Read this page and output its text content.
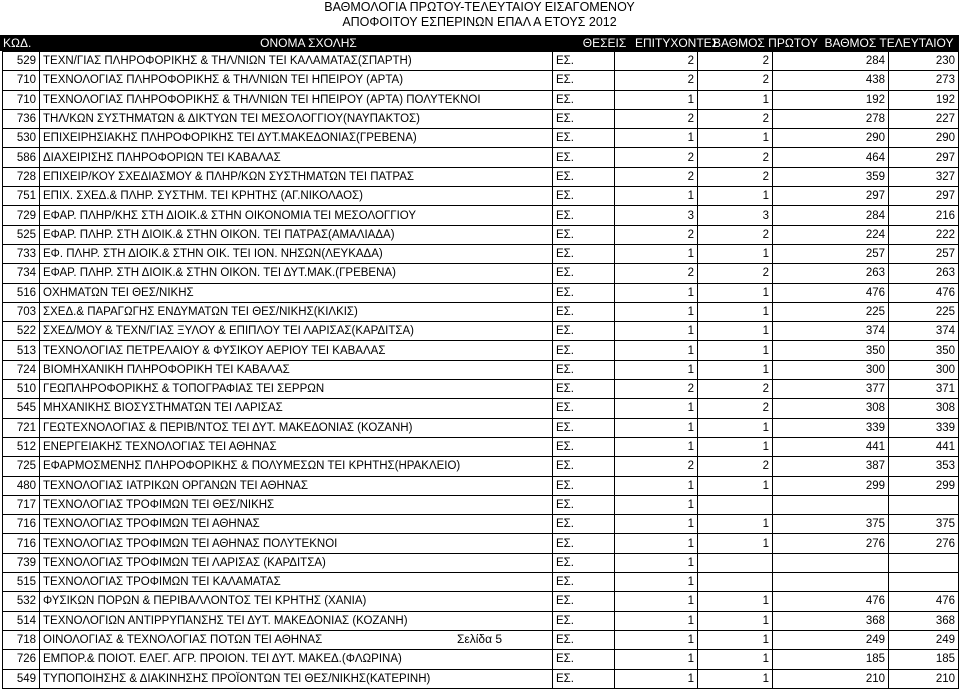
ΒΑΘΜΟΛΟΓΙΑ ΠΡΩΤΟΥ-ΤΕΛΕΥΤΑΙΟΥ ΕΙΣΑΓΟΜΕΝΟΥ
ΑΠΟΦΟΙΤΟΥ ΕΣΠΕΡΙΝΩΝ ΕΠΑΛ Α ΕΤΟΥΣ 2012
ΚΩΔ.	ΟΝΟΜΑ ΣΧΟΛΗΣ	ΘΕΣΕΙΣ	ΕΠΙΤΥΧΟΝΤΕΣ	ΒΑΘΜΟΣ ΠΡΩΤΟΥ	ΒΑΘΜΟΣ ΤΕΛΕΥΤΑΙΟΥ
529	ΤΕΧΝ/ΓΙΑΣ ΠΛΗΡΟΦΟΡΙΚΗΣ & ΤΗΛ/ΝΙΩΝ ΤΕΙ ΚΑΛΑΜΑΤΑΣ(ΣΠΑΡΤΗ)	ΕΣ.	2	2	284	230
710	ΤΕΧΝΟΛΟΓΙΑΣ ΠΛΗΡΟΦΟΡΙΚΗΣ & ΤΗΛ/ΝΙΩΝ ΤΕΙ ΗΠΕΙΡΟΥ (ΑΡΤΑ)	ΕΣ.	2	2	438	273
710	ΤΕΧΝΟΛΟΓΙΑΣ ΠΛΗΡΟΦΟΡΙΚΗΣ & ΤΗΛ/ΝΙΩΝ ΤΕΙ ΗΠΕΙΡΟΥ (ΑΡΤΑ) ΠΟΛΥΤΕΚΝΟΙ	ΕΣ.	1	1	192	192
736	ΤΗΛ/ΚΩΝ ΣΥΣΤΗΜΑΤΩΝ & ΔΙΚΤΥΩΝ ΤΕΙ ΜΕΣΟΛΟΓΓΙΟΥ(ΝΑΥΠΑΚΤΟΣ)	ΕΣ.	2	2	278	227
530	ΕΠΙΧΕΙΡΗΣΙΑΚΗΣ ΠΛΗΡΟΦΟΡΙΚΗΣ ΤΕΙ ΔΥΤ.ΜΑΚΕΔΟΝΙΑΣ(ΓΡΕΒΕΝΑ)	ΕΣ.	1	1	290	290
586	ΔΙΑΧΕΙΡΙΣΗΣ ΠΛΗΡΟΦΟΡΙΩΝ ΤΕΙ ΚΑΒΑΛΑΣ	ΕΣ.	2	2	464	297
728	ΕΠΙΧΕΙΡ/ΚΟΥ ΣΧΕΔΙΑΣΜΟΥ & ΠΛΗΡ/ΚΩΝ ΣΥΣΤΗΜΑΤΩΝ ΤΕΙ ΠΑΤΡΑΣ	ΕΣ.	2	2	359	327
751	ΕΠΙΧ. ΣΧΕΔ.& ΠΛΗΡ. ΣΥΣΤΗΜ. ΤΕΙ ΚΡΗΤΗΣ (ΑΓ.ΝΙΚΟΛΑΟΣ)	ΕΣ.	1	1	297	297
729	ΕΦΑΡ. ΠΛΗΡ/ΚΗΣ ΣΤΗ ΔΙΟΙΚ.& ΣΤΗΝ ΟΙΚΟΝΟΜΙΑ ΤΕΙ ΜΕΣΟΛΟΓΓΙΟΥ	ΕΣ.	3	3	284	216
525	ΕΦΑΡ. ΠΛΗΡ. ΣΤΗ ΔΙΟΙΚ.& ΣΤΗΝ ΟΙΚΟΝ. ΤΕΙ ΠΑΤΡΑΣ(ΑΜΑΛΙΑΔΑ)	ΕΣ.	2	2	224	222
733	ΕΦ. ΠΛΗΡ. ΣΤΗ ΔΙΟΙΚ.& ΣΤΗΝ ΟΙΚ. ΤΕΙ ΙΟΝ. ΝΗΣΩΝ(ΛΕΥΚΑΔΑ)	ΕΣ.	1	1	257	257
734	ΕΦΑΡ. ΠΛΗΡ. ΣΤΗ ΔΙΟΙΚ.& ΣΤΗΝ ΟΙΚΟΝ. ΤΕΙ ΔΥΤ.ΜΑΚ.(ΓΡΕΒΕΝΑ)	ΕΣ.	2	2	263	263
516	ΟΧΗΜΑΤΩΝ ΤΕΙ ΘΕΣ/ΝΙΚΗΣ	ΕΣ.	1	1	476	476
703	ΣΧΕΔ.& ΠΑΡΑΓΩΓΗΣ ΕΝΔΥΜΑΤΩΝ ΤΕΙ ΘΕΣ/ΝΙΚΗΣ(ΚΙΛΚΙΣ)	ΕΣ.	1	1	225	225
522	ΣΧΕΔ/ΜΟΥ & ΤΕΧΝ/ΓΙΑΣ ΞΥΛΟΥ & ΕΠΙΠΛΟΥ ΤΕΙ ΛΑΡΙΣΑΣ(ΚΑΡΔΙΤΣΑ)	ΕΣ.	1	1	374	374
513	ΤΕΧΝΟΛΟΓΙΑΣ ΠΕΤΡΕΛΑΙΟΥ & ΦΥΣΙΚΟΥ ΑΕΡΙΟΥ ΤΕΙ ΚΑΒΑΛΑΣ	ΕΣ.	1	1	350	350
724	ΒΙΟΜΗΧΑΝΙΚΗ ΠΛΗΡΟΦΟΡΙΚΗ ΤΕΙ ΚΑΒΑΛΑΣ	ΕΣ.	1	1	300	300
510	ΓΕΩΠΛΗΡΟΦΟΡΙΚΗΣ & ΤΟΠΟΓΡΑΦΙΑΣ ΤΕΙ ΣΕΡΡΩΝ	ΕΣ.	2	2	377	371
545	ΜΗΧΑΝΙΚΗΣ ΒΙΟΣΥΣΤΗΜΑΤΩΝ ΤΕΙ ΛΑΡΙΣΑΣ	ΕΣ.	1	2	308	308
721	ΓΕΩΤΕΧΝΟΛΟΓΙΑΣ & ΠΕΡΙΒ/ΝΤΟΣ ΤΕΙ ΔΥΤ. ΜΑΚΕΔΟΝΙΑΣ (ΚΟΖΑΝΗ)	ΕΣ.	1	1	339	339
512	ΕΝΕΡΓΕΙΑΚΗΣ ΤΕΧΝΟΛΟΓΙΑΣ ΤΕΙ ΑΘΗΝΑΣ	ΕΣ.	1	1	441	441
725	ΕΦΑΡΜΟΣΜΕΝΗΣ ΠΛΗΡΟΦΟΡΙΚΗΣ & ΠΟΛΥΜΕΣΩΝ ΤΕΙ ΚΡΗΤΗΣ(ΗΡΑΚΛΕΙΟ)	ΕΣ.	2	2	387	353
480	ΤΕΧΝΟΛΟΓΙΑΣ ΙΑΤΡΙΚΩΝ ΟΡΓΑΝΩΝ ΤΕΙ ΑΘΗΝΑΣ	ΕΣ.	1	1	299	299
717	ΤΕΧΝΟΛΟΓΙΑΣ ΤΡΟΦΙΜΩΝ ΤΕΙ ΘΕΣ/ΝΙΚΗΣ	ΕΣ.	1			
716	ΤΕΧΝΟΛΟΓΙΑΣ ΤΡΟΦΙΜΩΝ ΤΕΙ ΑΘΗΝΑΣ	ΕΣ.	1	1	375	375
716	ΤΕΧΝΟΛΟΓΙΑΣ ΤΡΟΦΙΜΩΝ ΤΕΙ ΑΘΗΝΑΣ ΠΟΛΥΤΕΚΝΟΙ	ΕΣ.	1	1	276	276
739	ΤΕΧΝΟΛΟΓΙΑΣ ΤΡΟΦΙΜΩΝ ΤΕΙ ΛΑΡΙΣΑΣ (ΚΑΡΔΙΤΣΑ)	ΕΣ.	1			
515	ΤΕΧΝΟΛΟΓΙΑΣ ΤΡΟΦΙΜΩΝ ΤΕΙ ΚΑΛΑΜΑΤΑΣ	ΕΣ.	1			
532	ΦΥΣΙΚΩΝ ΠΟΡΩΝ & ΠΕΡΙΒΑΛΛΟΝΤΟΣ ΤΕΙ ΚΡΗΤΗΣ (ΧΑΝΙΑ)	ΕΣ.	1	1	476	476
514	ΤΕΧΝΟΛΟΓΙΩΝ ΑΝΤΙΡΡΥΠΑΝΣΗΣ ΤΕΙ ΔΥΤ. ΜΑΚΕΔΟΝΙΑΣ (ΚΟΖΑΝΗ)	ΕΣ.	1	1	368	368
718	ΟΙΝΟΛΟΓΙΑΣ & ΤΕΧΝΟΛΟΓΙΑΣ ΠΟΤΩΝ ΤΕΙ ΑΘΗΝΑΣ	ΕΣ.	1	1	249	249
726	ΕΜΠΟΡ.& ΠΟΙΟΤ. ΕΛΕΓ. ΑΓΡ. ΠΡΟΙΟΝ. ΤΕΙ ΔΥΤ. ΜΑΚΕΔ.(ΦΛΩΡΙΝΑ)	ΕΣ.	1	1	185	185
549	ΤΥΠΟΠΟΙΗΣΗΣ & ΔΙΑΚΙΝΗΣΗΣ ΠΡΟΪΟΝΤΩΝ ΤΕΙ ΘΕΣ/ΝΙΚΗΣ(ΚΑΤΕΡΙΝΗ)	ΕΣ.	1	1	210	210
Σελίδα 5
